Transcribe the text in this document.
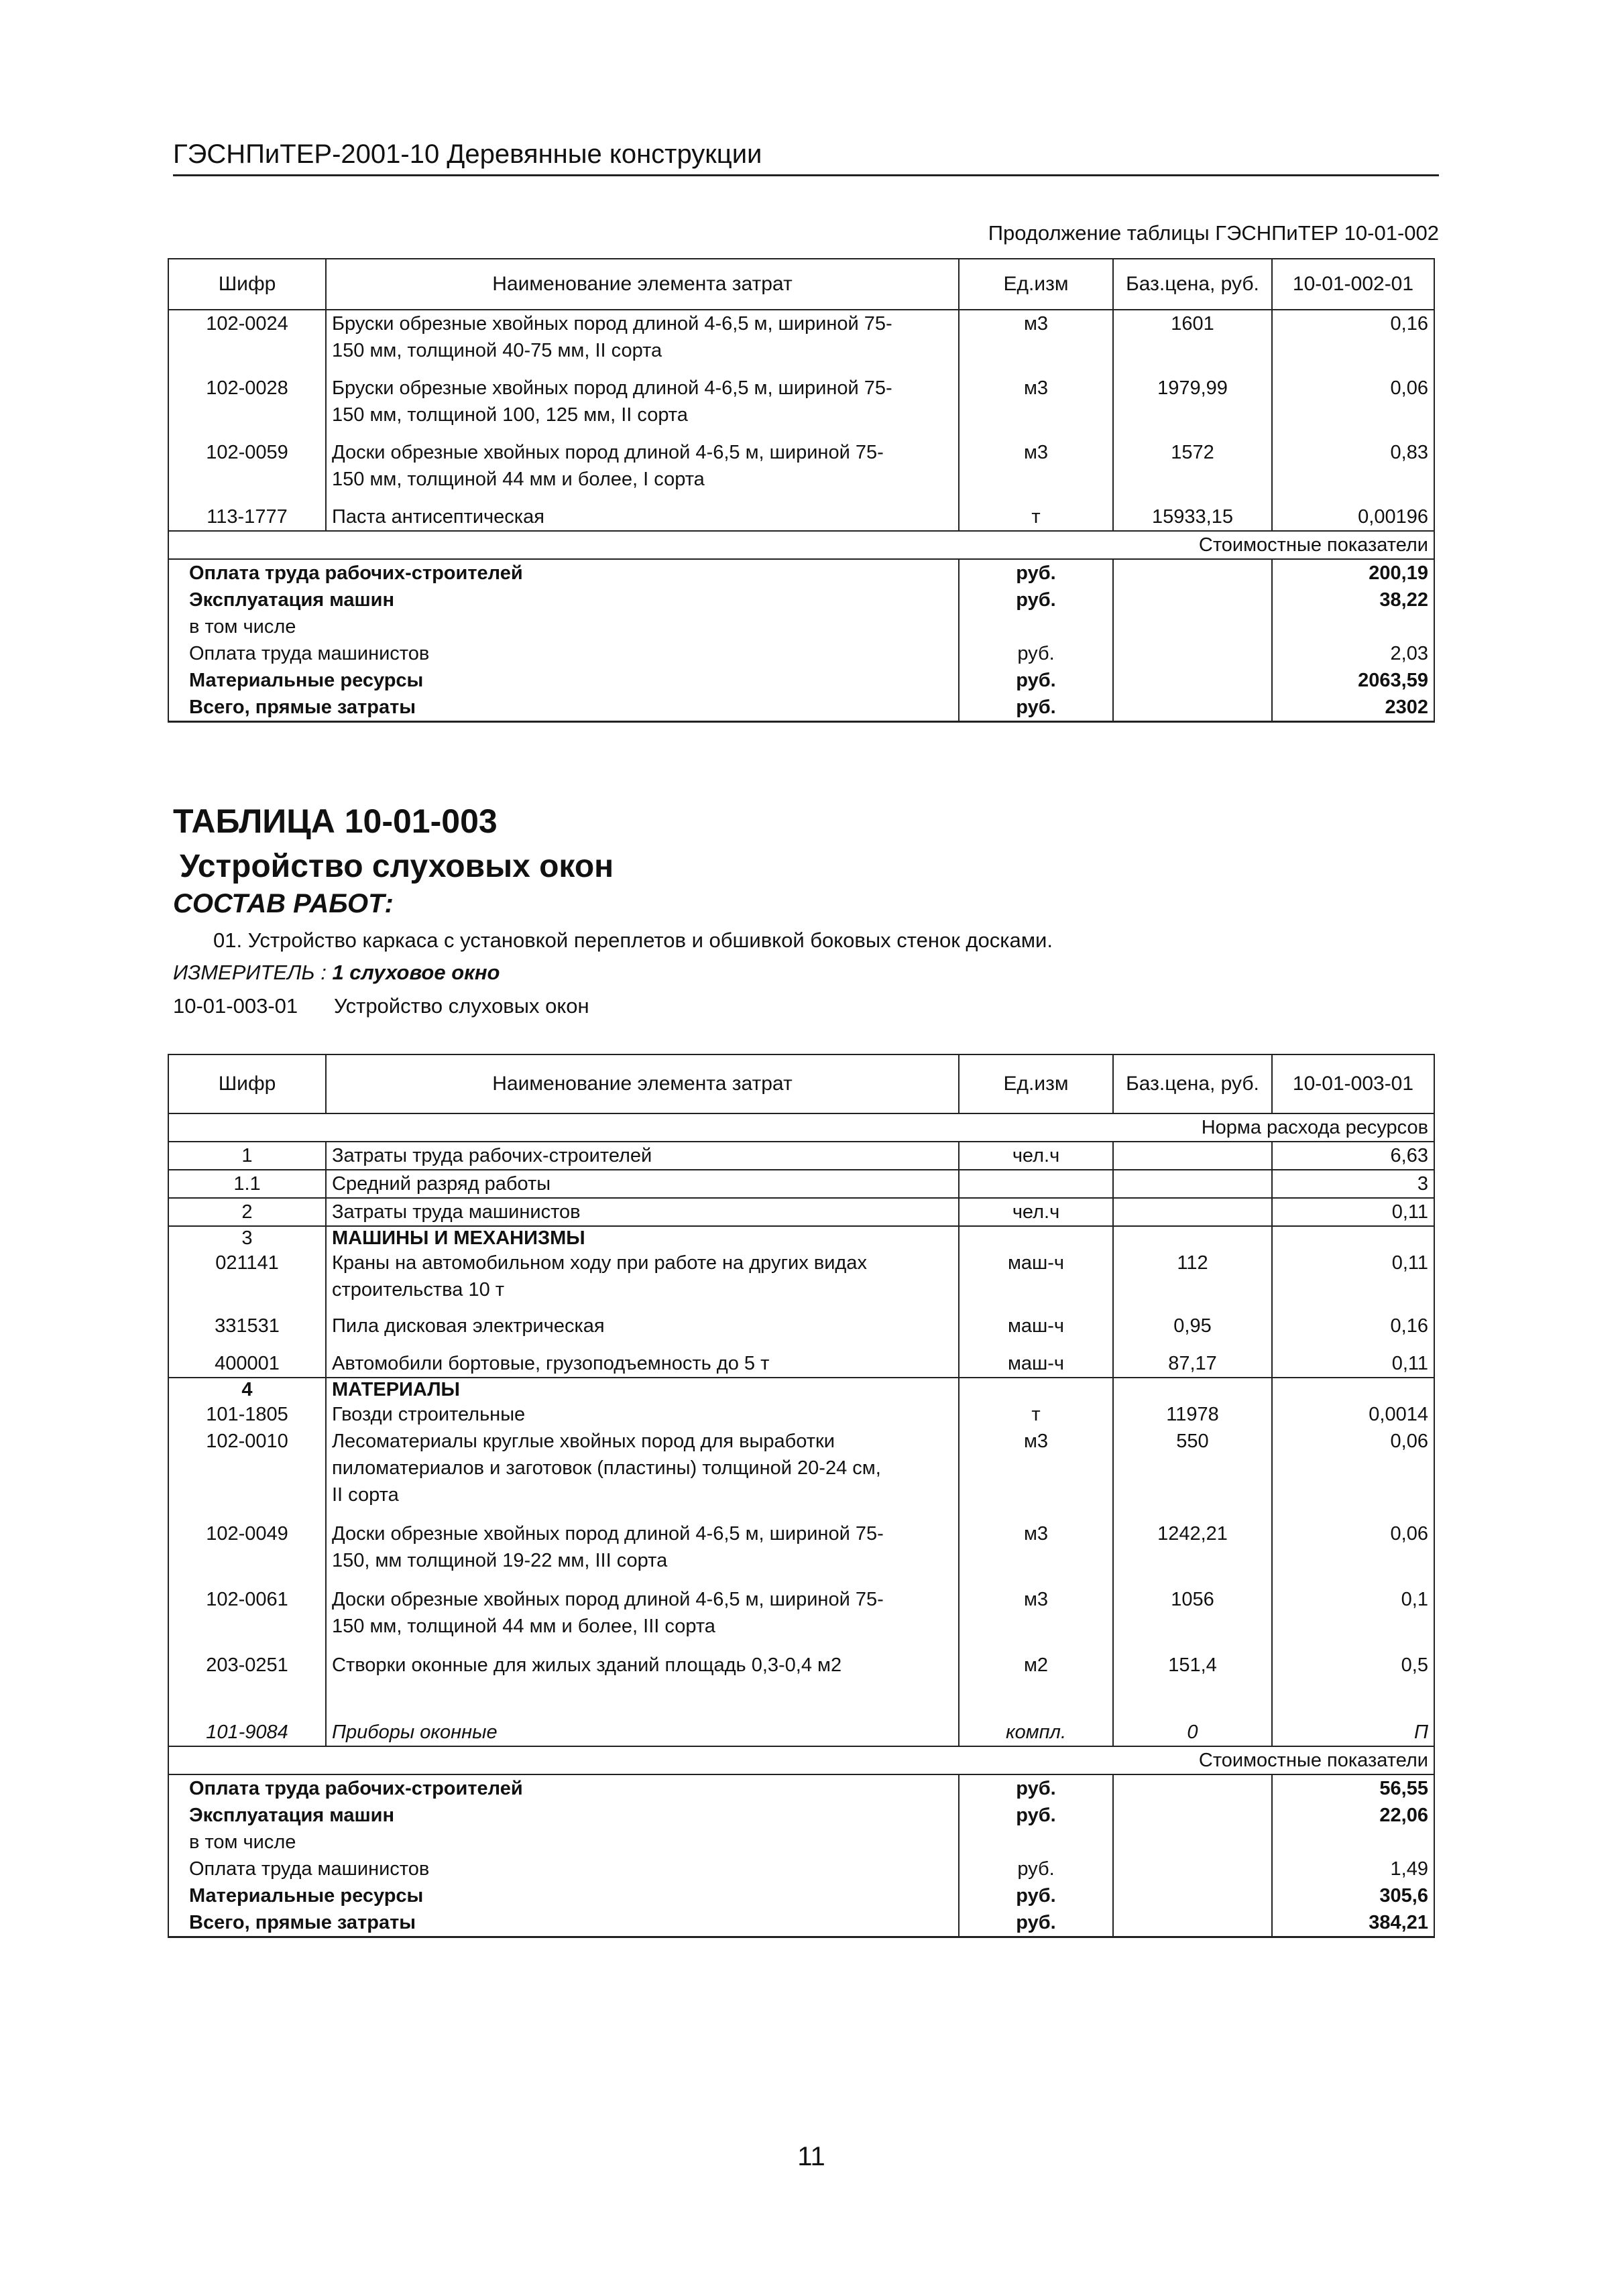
ГЭСНПиТЕР-2001-10 Деревянные конструкции
Продолжение таблицы ГЭСНПиТЕР 10-01-002
Шифр	Наименование элемента затрат	Ед.изм	Баз.цена, руб.	10-01-002-01
102-0024	Бруски обрезные хвойных пород длиной 4-6,5 м, шириной 75-
150 мм, толщиной 40-75 мм, II сорта	м3	1601	0,16
102-0028	Бруски обрезные хвойных пород длиной 4-6,5 м, шириной 75-
150 мм, толщиной 100, 125 мм, II сорта	м3	1979,99	0,06
102-0059	Доски обрезные хвойных пород длиной 4-6,5 м, шириной 75-
150 мм, толщиной 44 мм и более, I сорта	м3	1572	0,83
113-1777	Паста антисептическая	т	15933,15	0,00196
Стоимостные показатели				
Оплата труда рабочих-строителей		руб.		200,19
Эксплуатация машин		руб.		38,22
в том числе				
Оплата труда машинистов		руб.		2,03
Материальные ресурсы		руб.		2063,59
Всего, прямые затраты		руб.		2302
ТАБЛИЦА 10-01-003
Устройство слуховых окон
СОСТАВ РАБОТ:
01. Устройство каркаса с установкой переплетов и обшивкой боковых стенок досками.
ИЗМЕРИТЕЛЬ : 1 слуховое окно
10-01-003-01 Устройство слуховых окон
Шифр	Наименование элемента затрат	Ед.изм	Баз.цена, руб.	10-01-003-01
Норма расхода ресурсов				
1	Затраты труда рабочих-строителей	чел.ч		6,63
1.1	Средний разряд работы			3
2	Затраты труда машинистов	чел.ч		0,11
3	МАШИНЫ И МЕХАНИЗМЫ			
021141	Краны на автомобильном ходу при работе на других видах
строительства 10 т	маш-ч	112	0,11
331531	Пила дисковая электрическая	маш-ч	0,95	0,16
400001	Автомобили бортовые, грузоподъемность до 5 т	маш-ч	87,17	0,11
4	МАТЕРИАЛЫ			
101-1805	Гвозди строительные	т	11978	0,0014
102-0010	Лесоматериалы круглые хвойных пород для выработки
пиломатериалов и заготовок (пластины) толщиной 20-24 см,
II сорта	м3	550	0,06
102-0049	Доски обрезные хвойных пород длиной 4-6,5 м, шириной 75-
150, мм толщиной 19-22 мм, III сорта	м3	1242,21	0,06
102-0061	Доски обрезные хвойных пород длиной 4-6,5 м, шириной 75-
150 мм, толщиной 44 мм и более, III сорта	м3	1056	0,1
203-0251	Створки оконные для жилых зданий площадь 0,3-0,4 м2	м2	151,4	0,5
101-9084	Приборы оконные	компл.	0	П
Стоимостные показатели				
Оплата труда рабочих-строителей		руб.		56,55
Эксплуатация машин		руб.		22,06
в том числе				
Оплата труда машинистов		руб.		1,49
Материальные ресурсы		руб.		305,6
Всего, прямые затраты		руб.		384,21
11
